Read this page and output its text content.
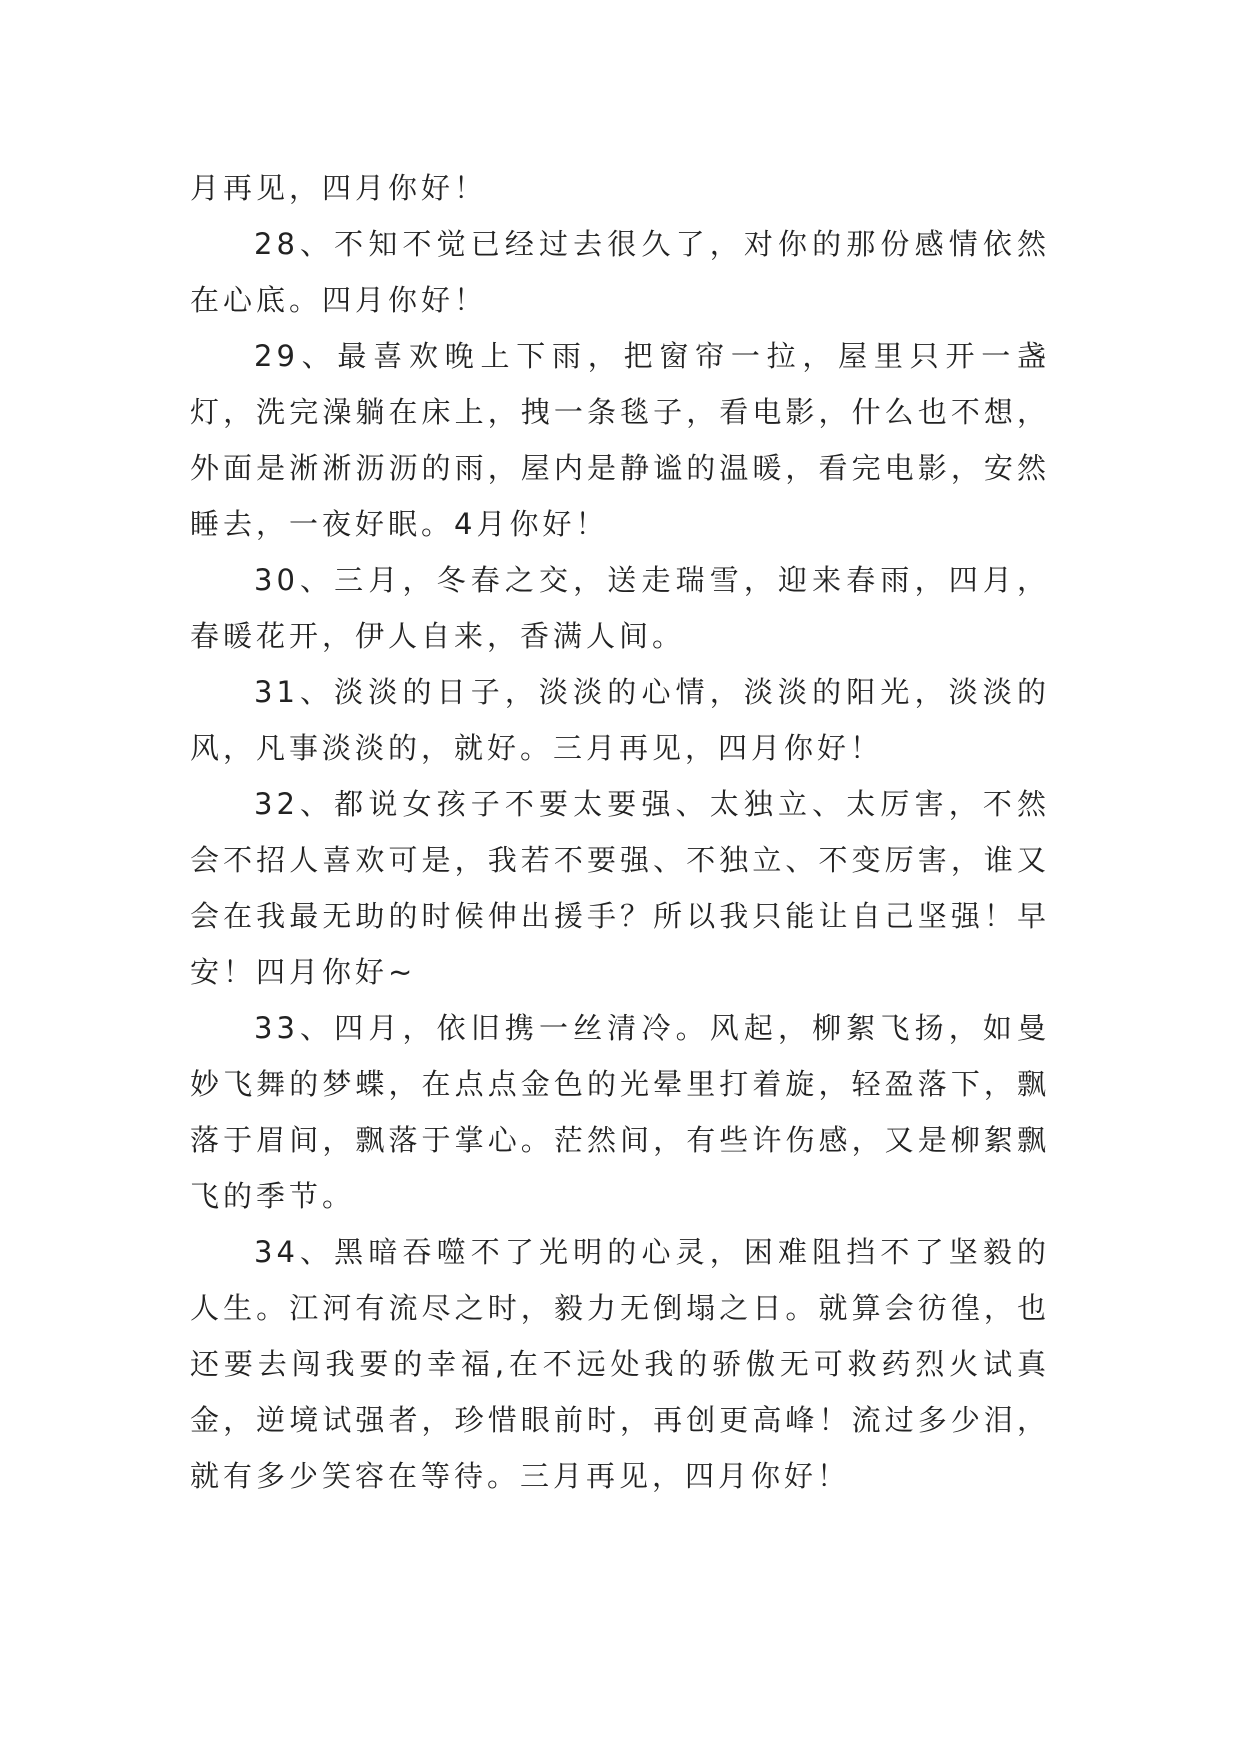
月再见，四月你好！

28、不知不觉已经过去很久了，对你的那份感情依然在心底。四月你好！

29、最喜欢晚上下雨，把窗帘一拉，屋里只开一盏灯，洗完澡躺在床上，拽一条毯子，看电影，什么也不想，外面是淅淅沥沥的雨，屋内是静谧的温暖，看完电影，安然睡去，一夜好眠。4月你好！

30、三月，冬春之交，送走瑞雪，迎来春雨，四月，春暖花开，伊人自来，香满人间。

31、淡淡的日子，淡淡的心情，淡淡的阳光，淡淡的风，凡事淡淡的，就好。三月再见，四月你好！

32、都说女孩子不要太要强、太独立、太厉害，不然会不招人喜欢可是，我若不要强、不独立、不变厉害，谁又会在我最无助的时候伸出援手？所以我只能让自己坚强！早安！四月你好~

33、四月，依旧携一丝清冷。风起，柳絮飞扬，如曼妙飞舞的梦蝶，在点点金色的光晕里打着旋，轻盈落下，飘落于眉间，飘落于掌心。茫然间，有些许伤感，又是柳絮飘飞的季节。

34、黑暗吞噬不了光明的心灵，困难阻挡不了坚毅的人生。江河有流尽之时，毅力无倒塌之日。就算会彷徨，也还要去闯我要的幸福,在不远处我的骄傲无可救药烈火试真金，逆境试强者，珍惜眼前时，再创更高峰！流过多少泪，就有多少笑容在等待。三月再见，四月你好！
